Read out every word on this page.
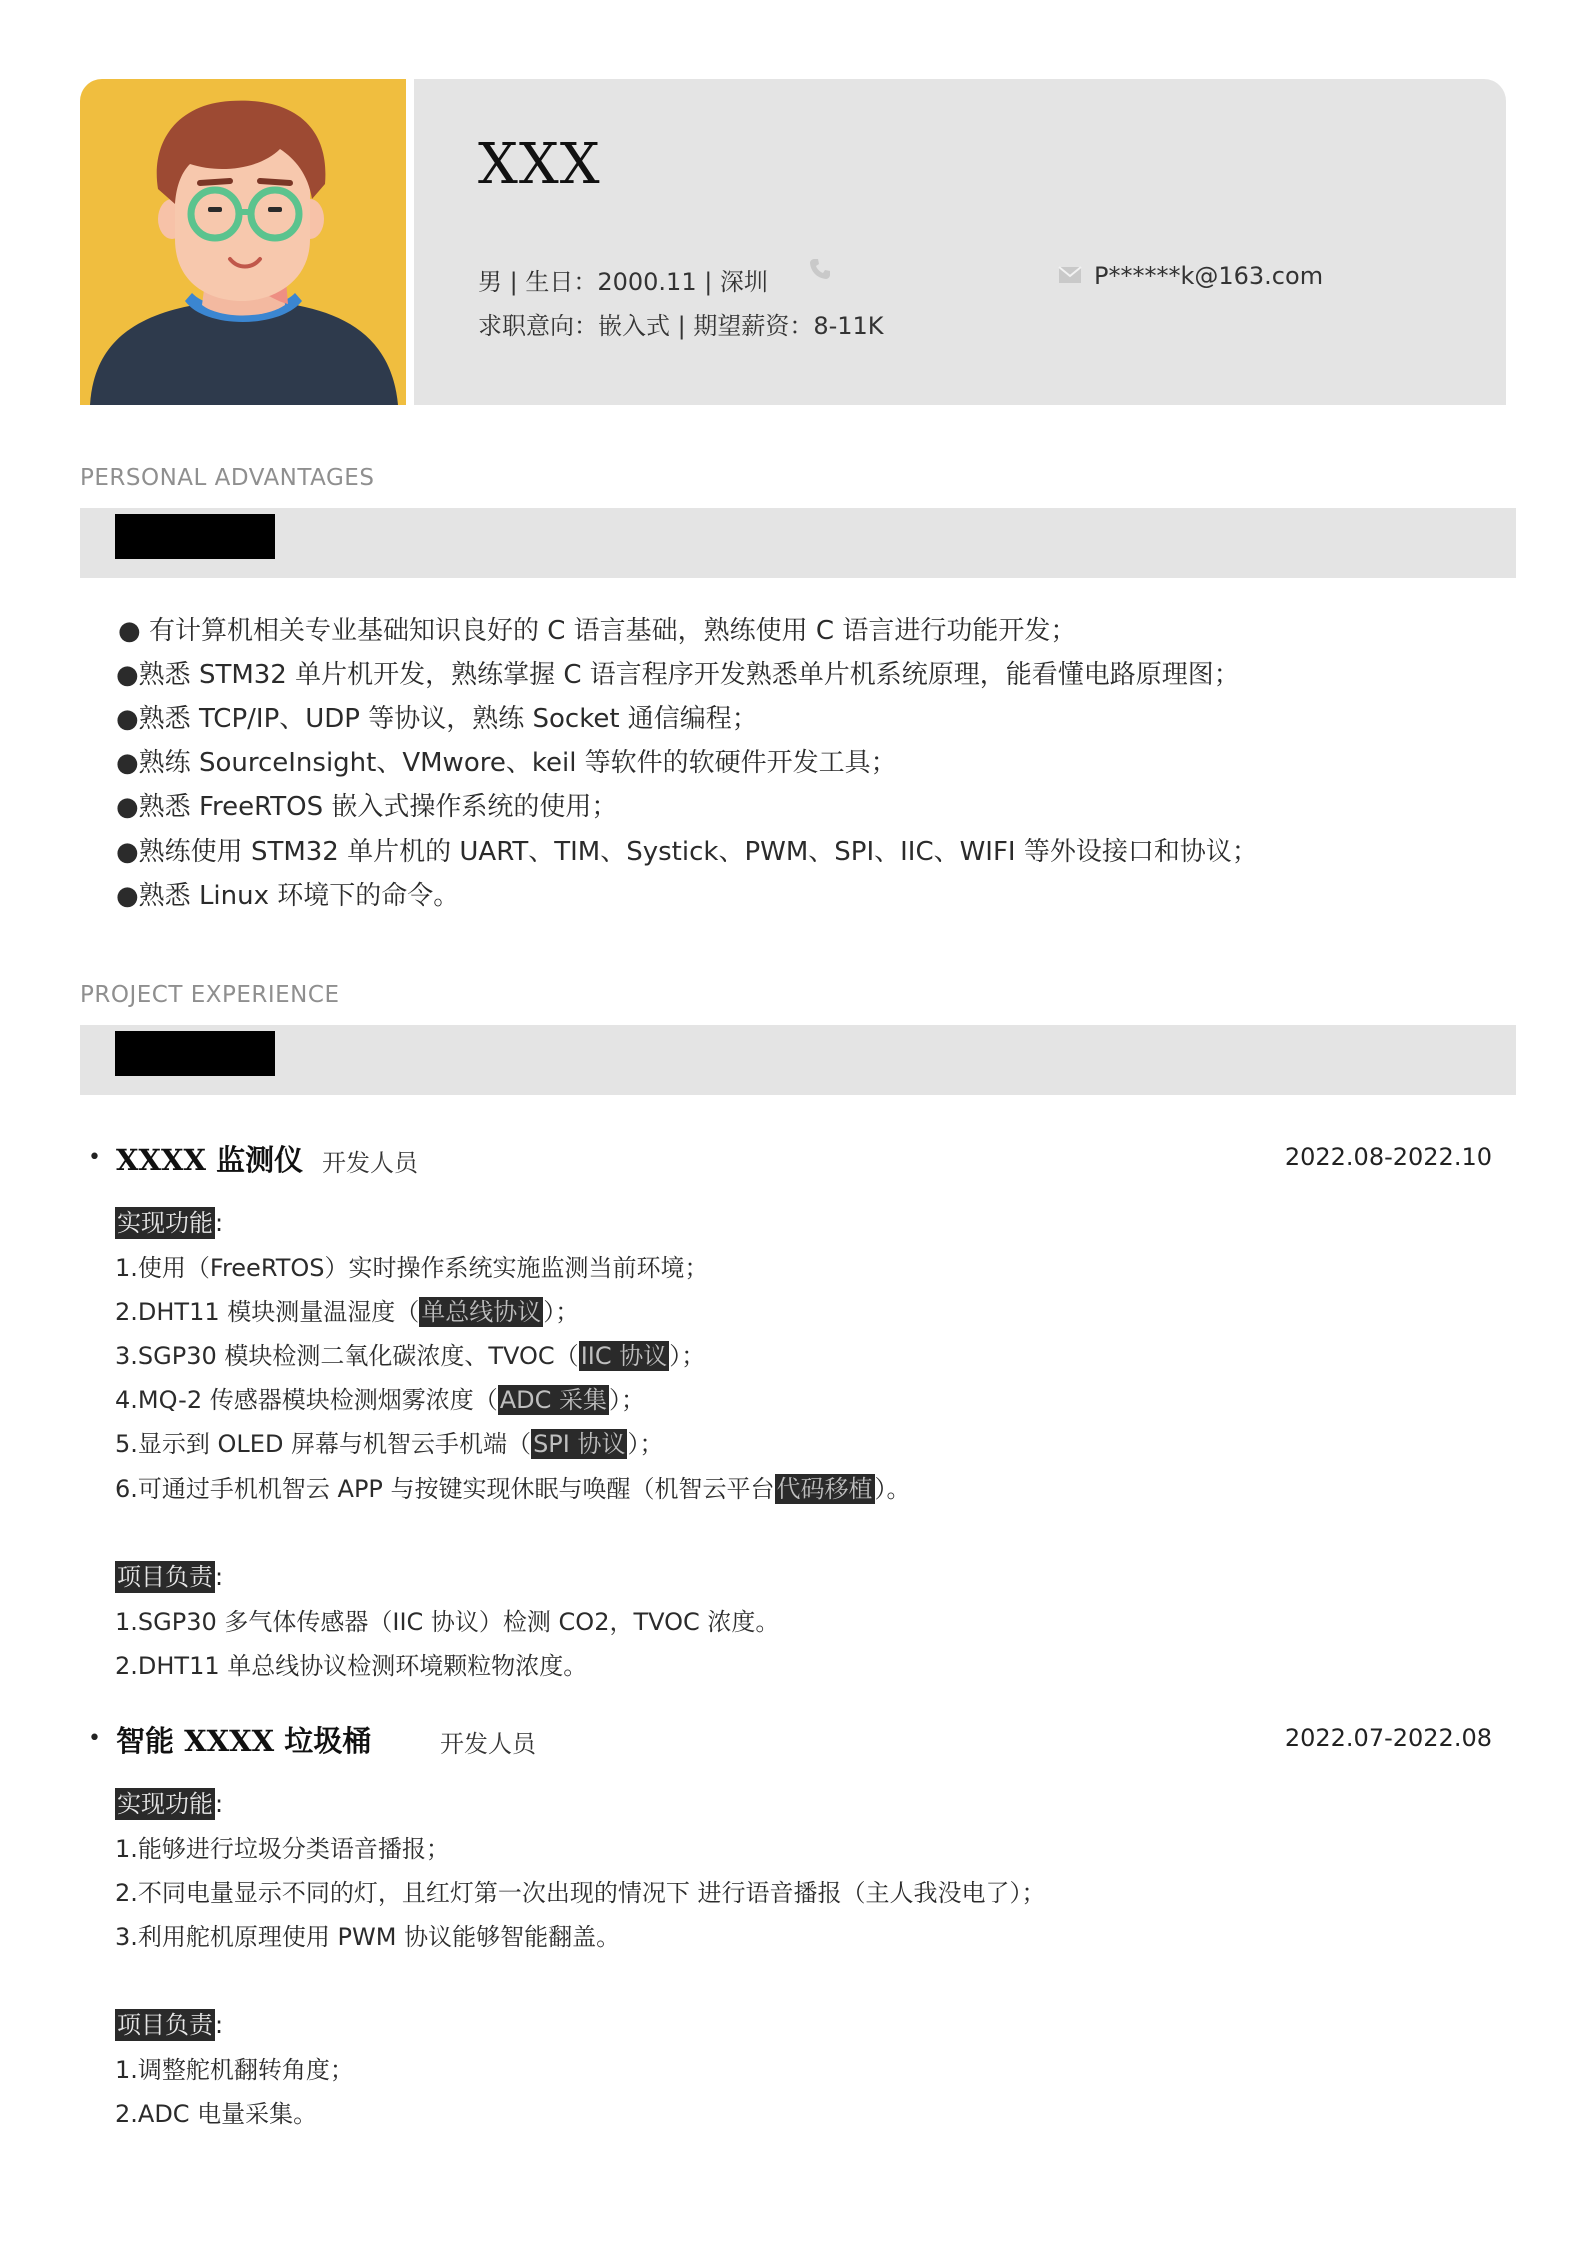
XXX
男 | 生日：2000.11 | 深圳	P******k@163.com
求职意向：嵌入式 | 期望薪资：8-11K
PERSONAL ADVANTAGES
● 有计算机相关专业基础知识良好的 C 语言基础，熟练使用 C 语言进行功能开发；
●熟悉 STM32 单片机开发，熟练掌握 C 语言程序开发熟悉单片机系统原理，能看懂电路原理图；
●熟悉 TCP/IP、UDP 等协议，熟练 Socket 通信编程；
●熟练 SourceInsight、VMwore、keil 等软件的软硬件开发工具；
●熟悉 FreeRTOS 嵌入式操作系统的使用；
●熟练使用 STM32 单片机的 UART、TIM、Systick、PWM、SPI、IIC、WIFI 等外设接口和协议；
●熟悉 Linux 环境下的命令。
PROJECT EXPERIENCE
• XXXX 监测仪 开发人员	2022.08-2022.10
实现功能:
1.使用（FreeRTOS）实时操作系统实施监测当前环境；
2.DHT11 模块测量温湿度（单总线协议）；
3.SGP30 模块检测二氧化碳浓度、TVOC（IIC 协议）；
4.MQ-2 传感器模块检测烟雾浓度（ADC 采集）；
5.显示到 OLED 屏幕与机智云手机端（SPI 协议）；
6.可通过手机机智云 APP 与按键实现休眠与唤醒（机智云平台代码移植）。
项目负责:
1.SGP30 多气体传感器（IIC 协议）检测 CO2，TVOC 浓度。
2.DHT11 单总线协议检测环境颗粒物浓度。
• 智能 XXXX 垃圾桶	开发人员	2022.07-2022.08
实现功能:
1.能够进行垃圾分类语音播报；
2.不同电量显示不同的灯，且红灯第一次出现的情况下 进行语音播报（主人我没电了）；
3.利用舵机原理使用 PWM 协议能够智能翻盖。
项目负责:
1.调整舵机翻转角度；
2.ADC 电量采集。
